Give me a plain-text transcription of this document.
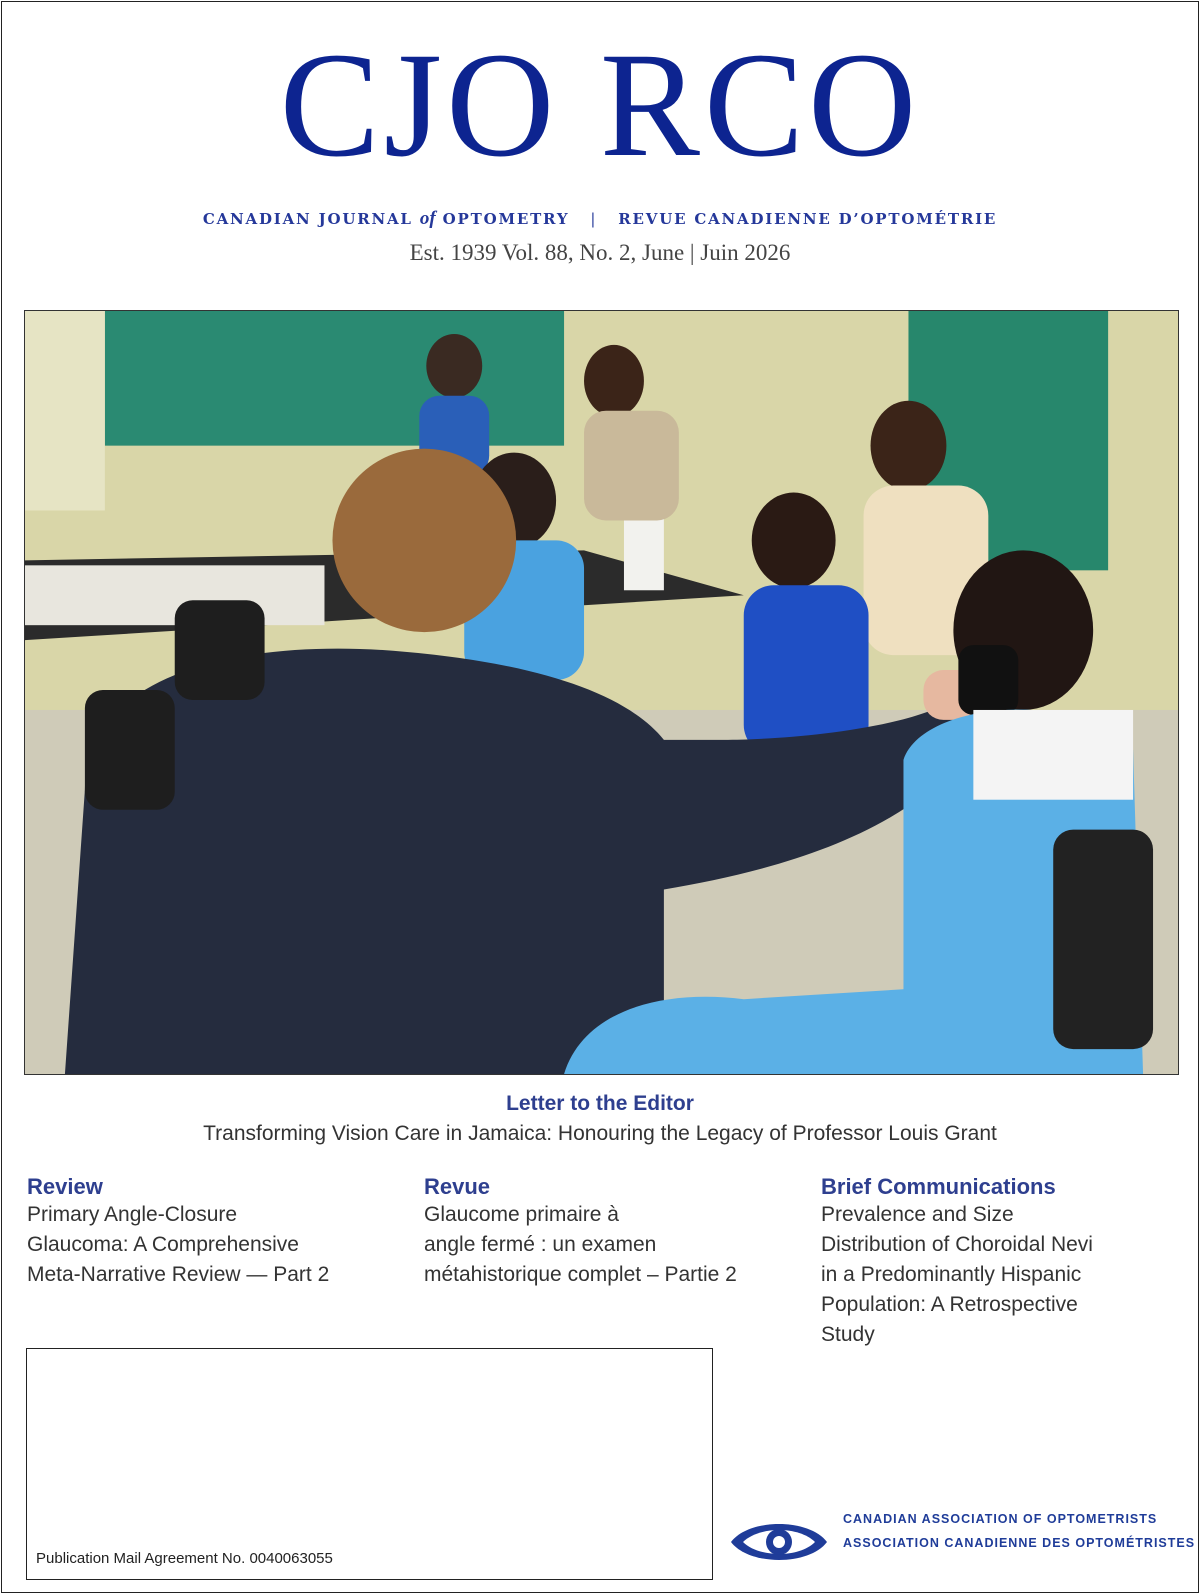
CJO RCO
CANADIAN JOURNAL of OPTOMETRY | REVUE CANADIENNE D’OPTOMÉTRIE
Est. 1939 Vol. 88, No. 2, June | Juin 2026
Letter to the Editor
Transforming Vision Care in Jamaica: Honouring the Legacy of Professor Louis Grant
Review
Primary Angle-Closure
Glaucoma: A Comprehensive
Meta-Narrative Review — Part 2
Revue
Glaucome primaire à
angle fermé : un examen
métahistorique complet – Partie 2
Brief Communications
Prevalence and Size
Distribution of Choroidal Nevi
in a Predominantly Hispanic
Population: A Retrospective
Study
Publication Mail Agreement No. 0040063055
CANADIAN ASSOCIATION OF OPTOMETRISTS
ASSOCIATION CANADIENNE DES OPTOMÉTRISTES
